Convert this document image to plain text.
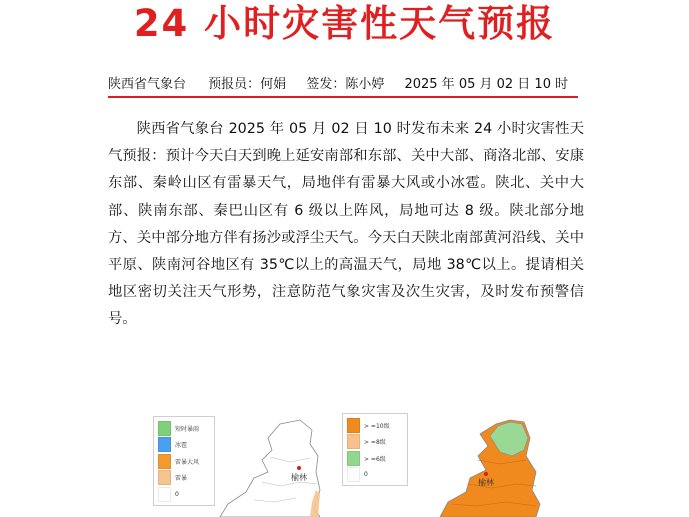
24 小时灾害性天气预报
陕西省气象台 预报员：何娟 签发：陈小婷 2025 年 05 月 02 日 10 时

陕西省气象台 2025 年 05 月 02 日 10 时发布未来 24 小时灾害性天气预报：预计今天白天到晚上延安南部和东部、关中大部、商洛北部、安康东部、秦岭山区有雷暴天气，局地伴有雷暴大风或小冰雹。陕北、关中大部、陕南东部、秦巴山区有 6 级以上阵风，局地可达 8 级。陕北部分地方、关中部分地方伴有扬沙或浮尘天气。今天白天陕北南部黄河沿线、关中平原、陕南河谷地区有 35℃以上的高温天气，局地 38℃以上。提请相关地区密切关注天气形势，注意防范气象灾害及次生灾害，及时发布预警信号。

短时暴雨
冰雹
雷暴大风
雷暴
0
榆林
> =10级
> =8级
> =6级
0
榆林
